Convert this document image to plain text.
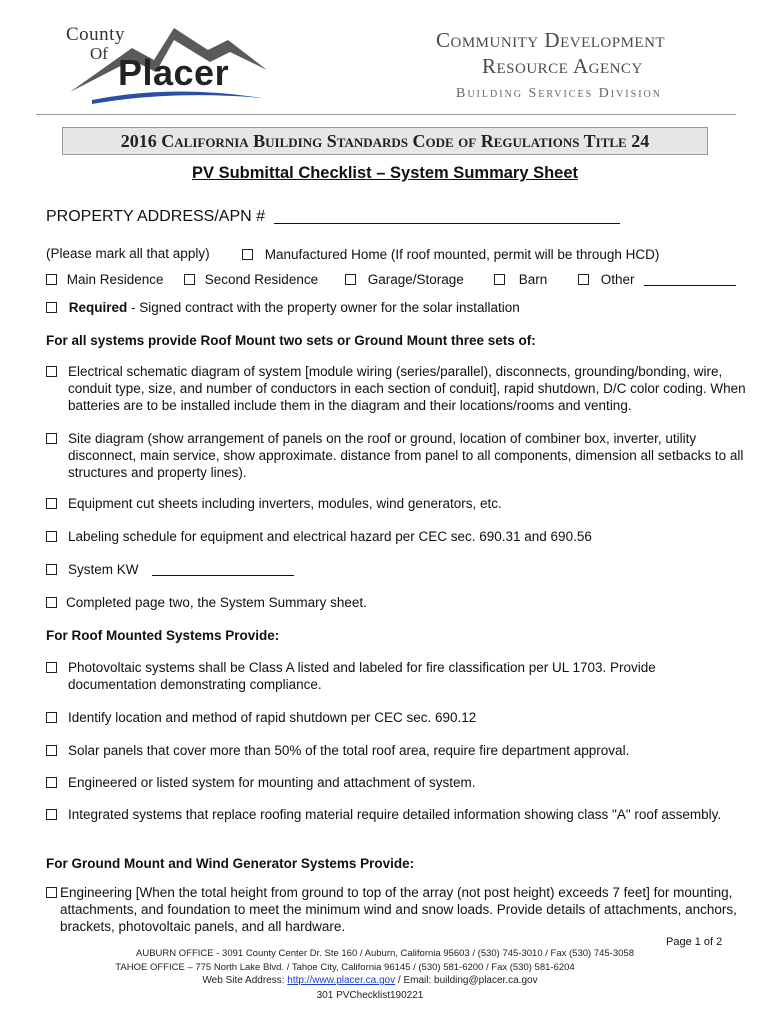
County
Of Placer
Community Development
Resource Agency
Building Services Division
2016 California Building Standards Code of Regulations Title 24
PV Submittal Checklist – System Summary Sheet
PROPERTY ADDRESS/APN #
(Please mark all that apply)	Manufactured Home (If roof mounted, permit will be through HCD)
Main Residence	Second Residence	Garage/Storage	Barn	Other
Required - Signed contract with the property owner for the solar installation
For all systems provide Roof Mount two sets or Ground Mount three sets of:
Electrical schematic diagram of system [module wiring (series/parallel), disconnects, grounding/bonding, wire, conduit type, size, and number of conductors in each section of conduit], rapid shutdown, D/C color coding. When batteries are to be installed include them in the diagram and their locations/rooms and venting.
Site diagram (show arrangement of panels on the roof or ground, location of combiner box, inverter, utility disconnect, main service, show approximate. distance from panel to all components, dimension all setbacks to all structures and property lines).
Equipment cut sheets including inverters, modules, wind generators, etc.
Labeling schedule for equipment and electrical hazard per CEC sec. 690.31 and 690.56
System KW
Completed page two, the System Summary sheet.
For Roof Mounted Systems Provide:
Photovoltaic systems shall be Class A listed and labeled for fire classification per UL 1703. Provide documentation demonstrating compliance.
Identify location and method of rapid shutdown per CEC sec. 690.12
Solar panels that cover more than 50% of the total roof area, require fire department approval.
Engineered or listed system for mounting and attachment of system.
Integrated systems that replace roofing material require detailed information showing class "A" roof assembly.
For Ground Mount and Wind Generator Systems Provide:
Engineering [When the total height from ground to top of the array (not post height) exceeds 7 feet] for mounting, attachments, and foundation to meet the minimum wind and snow loads. Provide details of attachments, anchors, brackets, photovoltaic panels, and all hardware.
Page 1 of 2
AUBURN OFFICE - 3091 County Center Dr. Ste 160 / Auburn, California 95603 / (530) 745-3010 / Fax (530) 745-3058
TAHOE OFFICE – 775 North Lake Blvd. / Tahoe City, California 96145 / (530) 581-6200 / Fax (530) 581-6204
Web Site Address: http://www.placer.ca.gov / Email: building@placer.ca.gov
301 PVChecklist190221
